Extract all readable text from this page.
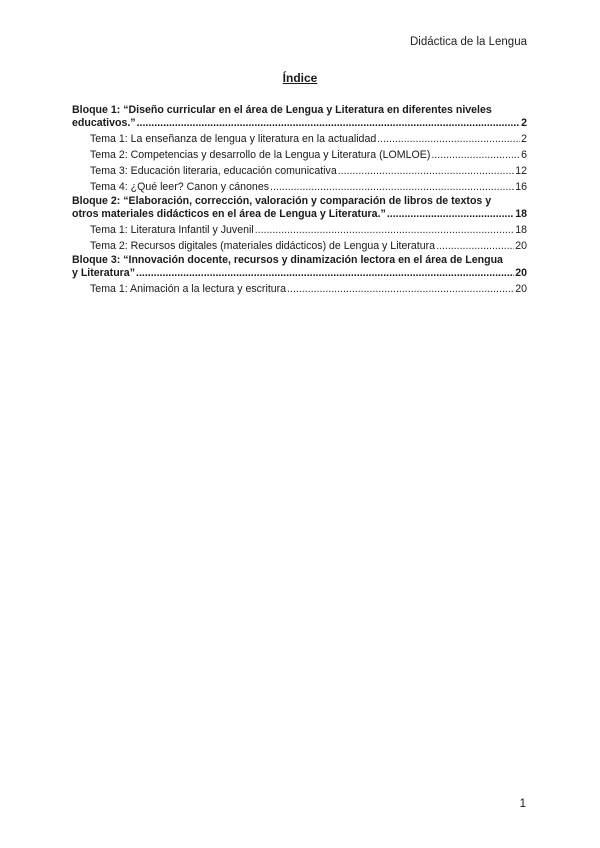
Didáctica de la Lengua
Índice
Bloque 1: “Diseño curricular en el área de Lengua y Literatura en diferentes niveles
educativos.” .....	2
Tema 1: La enseñanza de lengua y literatura en la actualidad .....	2
Tema 2: Competencias y desarrollo de la Lengua y Literatura (LOMLOE) .....	6
Tema 3: Educación literaria, educación comunicativa .....	12
Tema 4: ¿Qué leer? Canon y cánones .....	16
Bloque 2: “Elaboración, corrección, valoración y comparación de libros de textos y
otros materiales didácticos en el área de Lengua y Literatura.” .....	18
Tema 1: Literatura Infantil y Juvenil .....	18
Tema 2: Recursos digitales (materiales didácticos) de Lengua y Literatura .....	20
Bloque 3: “Innovación docente, recursos y dinamización lectora en el área de Lengua
y Literatura” .....	20
Tema 1: Animación a la lectura y escritura .....	20
1
